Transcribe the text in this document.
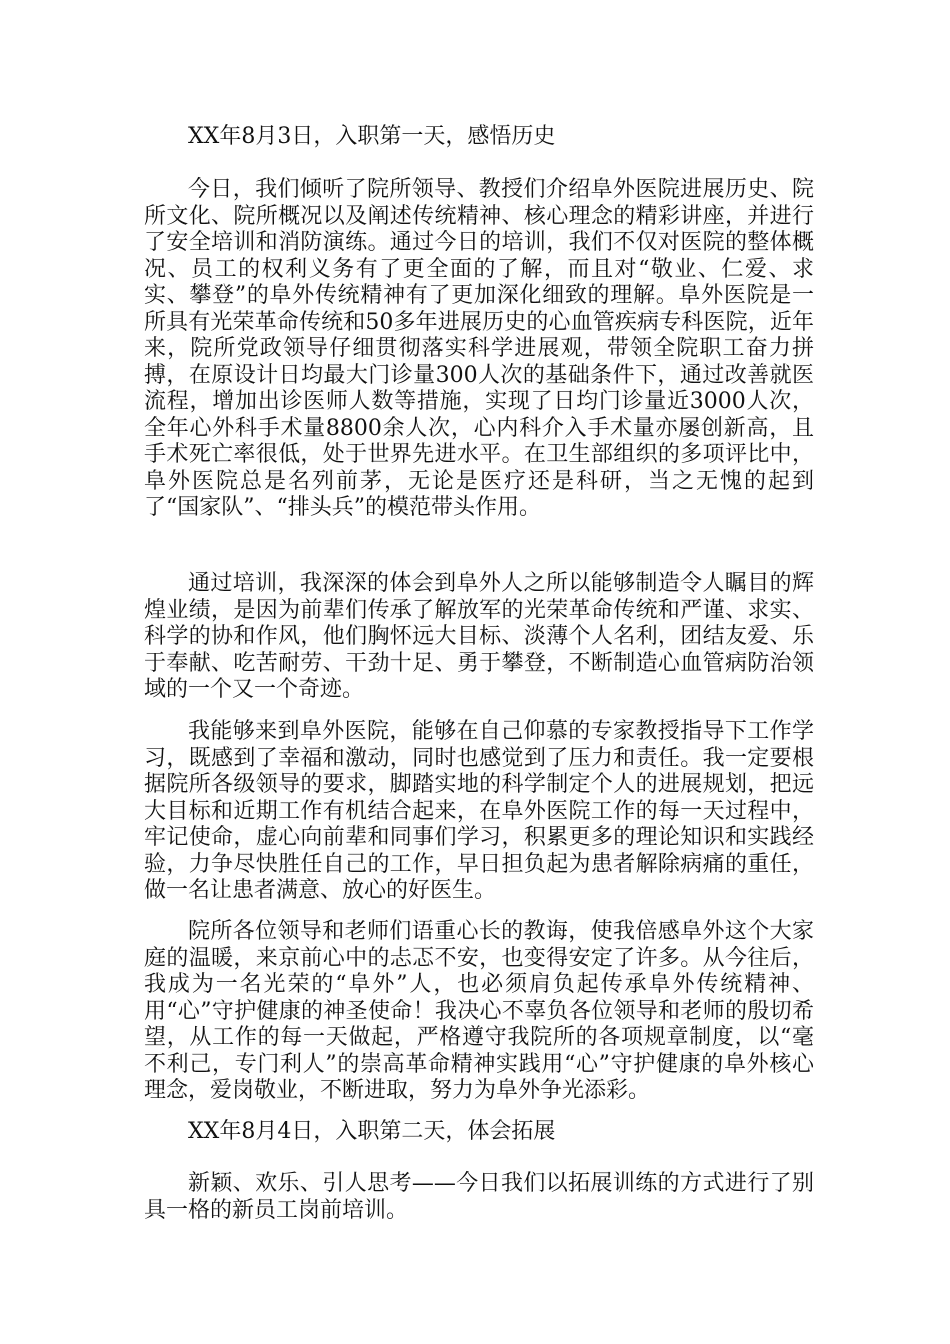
XX年8月3日，入职第一天，感悟历史

今日，我们倾听了院所领导、教授们介绍阜外医院进展历史、院所文化、院所概况以及阐述传统精神、核心理念的精彩讲座，并进行了安全培训和消防演练。通过今日的培训，我们不仅对医院的整体概况、员工的权利义务有了更全面的了解，而且对“敬业、仁爱、求实、攀登”的阜外传统精神有了更加深化细致的理解。阜外医院是一所具有光荣革命传统和50多年进展历史的心血管疾病专科医院，近年来，院所党政领导仔细贯彻落实科学进展观，带领全院职工奋力拼搏，在原设计日均最大门诊量300人次的基础条件下，通过改善就医流程，增加出诊医师人数等措施，实现了日均门诊量近3000人次，全年心外科手术量8800余人次，心内科介入手术量亦屡创新高，且手术死亡率很低，处于世界先进水平。在卫生部组织的多项评比中，阜外医院总是名列前茅，无论是医疗还是科研，当之无愧的起到了“国家队”、“排头兵”的模范带头作用。

通过培训，我深深的体会到阜外人之所以能够制造令人瞩目的辉煌业绩，是因为前辈们传承了解放军的光荣革命传统和严谨、求实、科学的协和作风，他们胸怀远大目标、淡薄个人名利，团结友爱、乐于奉献、吃苦耐劳、干劲十足、勇于攀登，不断制造心血管病防治领域的一个又一个奇迹。

我能够来到阜外医院，能够在自己仰慕的专家教授指导下工作学习，既感到了幸福和激动，同时也感觉到了压力和责任。我一定要根据院所各级领导的要求，脚踏实地的科学制定个人的进展规划，把远大目标和近期工作有机结合起来，在阜外医院工作的每一天过程中，牢记使命，虚心向前辈和同事们学习，积累更多的理论知识和实践经验，力争尽快胜任自己的工作，早日担负起为患者解除病痛的重任，做一名让患者满意、放心的好医生。

院所各位领导和老师们语重心长的教诲，使我倍感阜外这个大家庭的温暖，来京前心中的忐忑不安，也变得安定了许多。从今往后，我成为一名光荣的“阜外”人，也必须肩负起传承阜外传统精神、用“心”守护健康的神圣使命！我决心不辜负各位领导和老师的殷切希望，从工作的每一天做起，严格遵守我院所的各项规章制度，以“毫不利己，专门利人”的崇高革命精神实践用“心”守护健康的阜外核心理念，爱岗敬业，不断进取，努力为阜外争光添彩。

XX年8月4日，入职第二天，体会拓展

新颖、欢乐、引人思考——今日我们以拓展训练的方式进行了别具一格的新员工岗前培训。
